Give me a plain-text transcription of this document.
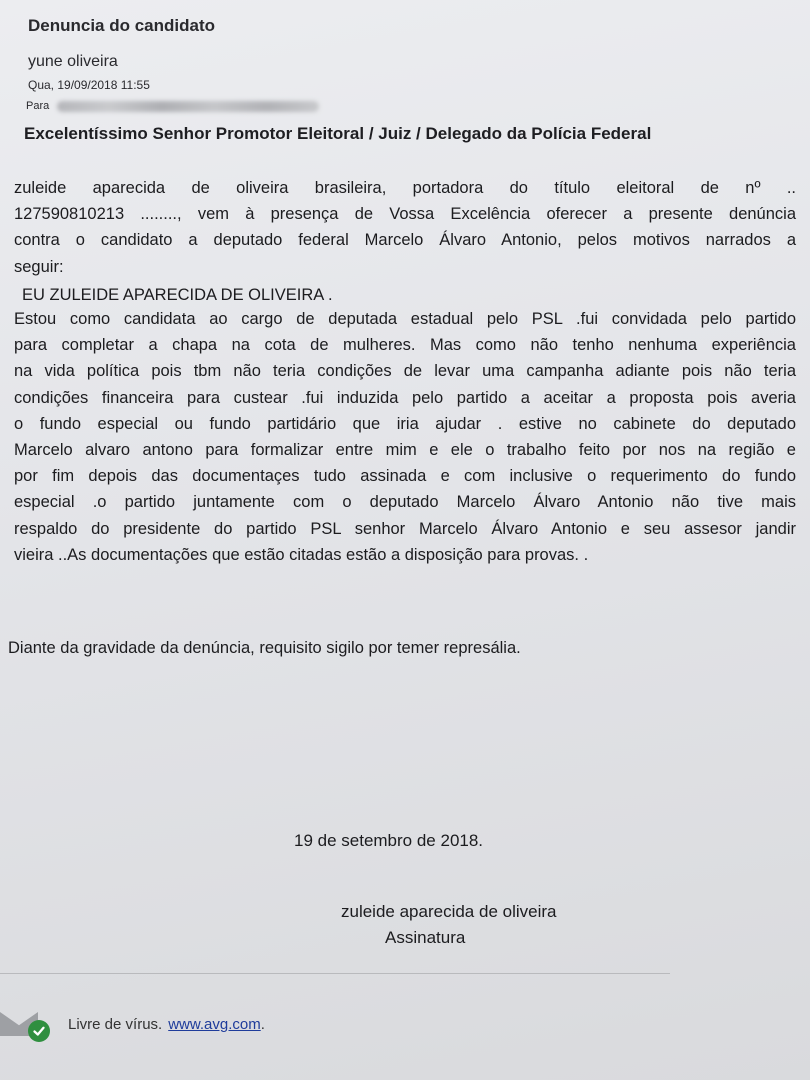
Denuncia do candidato
yune oliveira
Qua, 19/09/2018 11:55
Para
Excelentíssimo Senhor Promotor Eleitoral / Juiz / Delegado da Polícia Federal
zuleide aparecida de oliveira brasileira, portadora do título eleitoral de nº ..
127590810213 ........, vem à presença de Vossa Excelência oferecer a presente denúncia
contra o candidato a deputado federal Marcelo Álvaro Antonio, pelos motivos narrados a
seguir:
EU ZULEIDE APARECIDA DE OLIVEIRA .
Estou como candidata ao cargo de deputada estadual pelo PSL .fui convidada pelo partido
para completar a chapa na cota de mulheres. Mas como não tenho nenhuma experiência
na vida política pois tbm não teria condições de levar uma campanha adiante pois não teria
condições financeira para custear .fui induzida pelo partido a aceitar a proposta pois averia
o fundo especial ou fundo partidário que iria ajudar . estive no cabinete do deputado
Marcelo alvaro antono para formalizar entre mim e ele o trabalho feito por nos na região e
por fim depois das documentaçes tudo assinada e com inclusive o requerimento do fundo
especial .o partido juntamente com o deputado Marcelo Álvaro Antonio não tive mais
respaldo do presidente do partido PSL senhor Marcelo Álvaro Antonio e seu assesor jandir
vieira ..As documentações que estão citadas estão a disposição para provas. .
Diante da gravidade da denúncia, requisito sigilo por temer represália.
19 de setembro de 2018.
zuleide aparecida de oliveira
Assinatura
Livre de vírus. www.avg.com .
